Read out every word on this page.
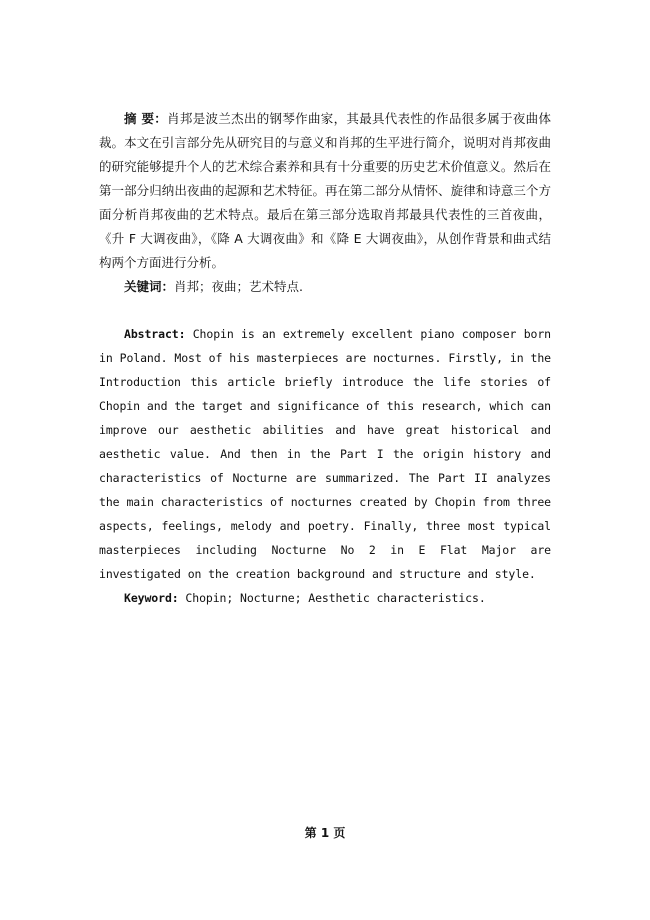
摘 要：肖邦是波兰杰出的钢琴作曲家，其最具代表性的作品很多属于夜曲体裁。本文在引言部分先从研究目的与意义和肖邦的生平进行简介，说明对肖邦夜曲的研究能够提升个人的艺术综合素养和具有十分重要的历史艺术价值意义。然后在第一部分归纳出夜曲的起源和艺术特征。再在第二部分从情怀、旋律和诗意三个方面分析肖邦夜曲的艺术特点。最后在第三部分选取肖邦最具代表性的三首夜曲，《升 F 大调夜曲》，《降 A 大调夜曲》和《降 E 大调夜曲》，从创作背景和曲式结构两个方面进行分析。

关键词：肖邦；夜曲；艺术特点.

Abstract: Chopin is an extremely excellent piano composer born in Poland. Most of his masterpieces are nocturnes. Firstly, in the Introduction this article briefly introduce the life stories of Chopin and the target and significance of this research, which can improve our aesthetic abilities and have great historical and aesthetic value. And then in the Part I the origin history and characteristics of Nocturne are summarized. The Part II analyzes the main characteristics of nocturnes created by Chopin from three aspects, feelings, melody and poetry. Finally, three most typical masterpieces including Nocturne No 2 in E Flat Major are investigated on the creation background and structure and style.

Keyword: Chopin; Nocturne; Aesthetic characteristics.

第 1 页
